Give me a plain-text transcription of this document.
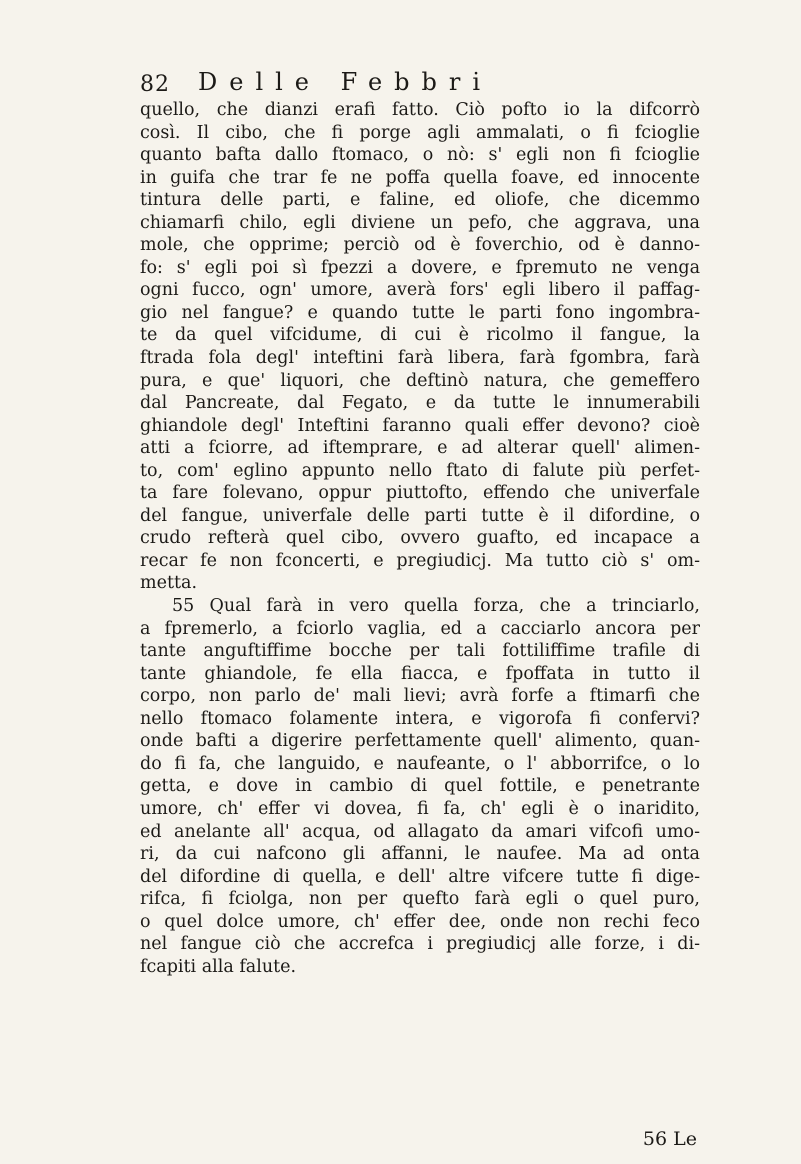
82 Delle Febbri
quello, che dianzi erafi fatto. Ciò pofto io la difcorrò
così. Il cibo, che fi porge agli ammalati, o fi fcioglie
quanto bafta dallo ftomaco, o nò: s' egli non fi fcioglie
in guifa che trar fe ne poffa quella foave, ed innocente
tintura delle parti, e faline, ed oliofe, che dicemmo
chiamarfi chilo, egli diviene un pefo, che aggrava, una
mole, che opprime; perciò od è foverchio, od è danno-
fo: s' egli poi sì fpezzi a dovere, e fpremuto ne venga
ogni fucco, ogn' umore, averà fors' egli libero il paffag-
gio nel fangue? e quando tutte le parti fono ingombra-
te da quel vifcidume, di cui è ricolmo il fangue, la
ftrada fola degl' inteftini farà libera, farà fgombra, farà
pura, e que' liquori, che deftinò natura, che gemeffero
dal Pancreate, dal Fegato, e da tutte le innumerabili
ghiandole degl' Inteftini faranno quali effer devono? cioè
atti a fciorre, ad iftemprare, e ad alterar quell' alimen-
to, com' eglino appunto nello ftato di falute più perfet-
ta fare folevano, oppur piuttofto, effendo che univerfale
del fangue, univerfale delle parti tutte è il difordine, o
crudo refterà quel cibo, ovvero guafto, ed incapace a
recar fe non fconcerti, e pregiudicj. Ma tutto ciò s' om-
metta.
55 Qual farà in vero quella forza, che a trinciarlo,
a fpremerlo, a fciorlo vaglia, ed a cacciarlo ancora per
tante anguftiffime bocche per tali fottiliffime trafile di
tante ghiandole, fe ella fiacca, e fpoffata in tutto il
corpo, non parlo de' mali lievi; avrà forfe a ftimarfi che
nello ftomaco folamente intera, e vigorofa fi confervi?
onde bafti a digerire perfettamente quell' alimento, quan-
do fi fa, che languido, e naufeante, o l' abborrifce, o lo
getta, e dove in cambio di quel fottile, e penetrante
umore, ch' effer vi dovea, fi fa, ch' egli è o inaridito,
ed anelante all' acqua, od allagato da amari vifcofi umo-
ri, da cui nafcono gli affanni, le naufee. Ma ad onta
del difordine di quella, e dell' altre vifcere tutte fi dige-
rifca, fi fciolga, non per quefto farà egli o quel puro,
o quel dolce umore, ch' effer dee, onde non rechi feco
nel fangue ciò che accrefca i pregiudicj alle forze, i di-
fcapiti alla falute.
56 Le
